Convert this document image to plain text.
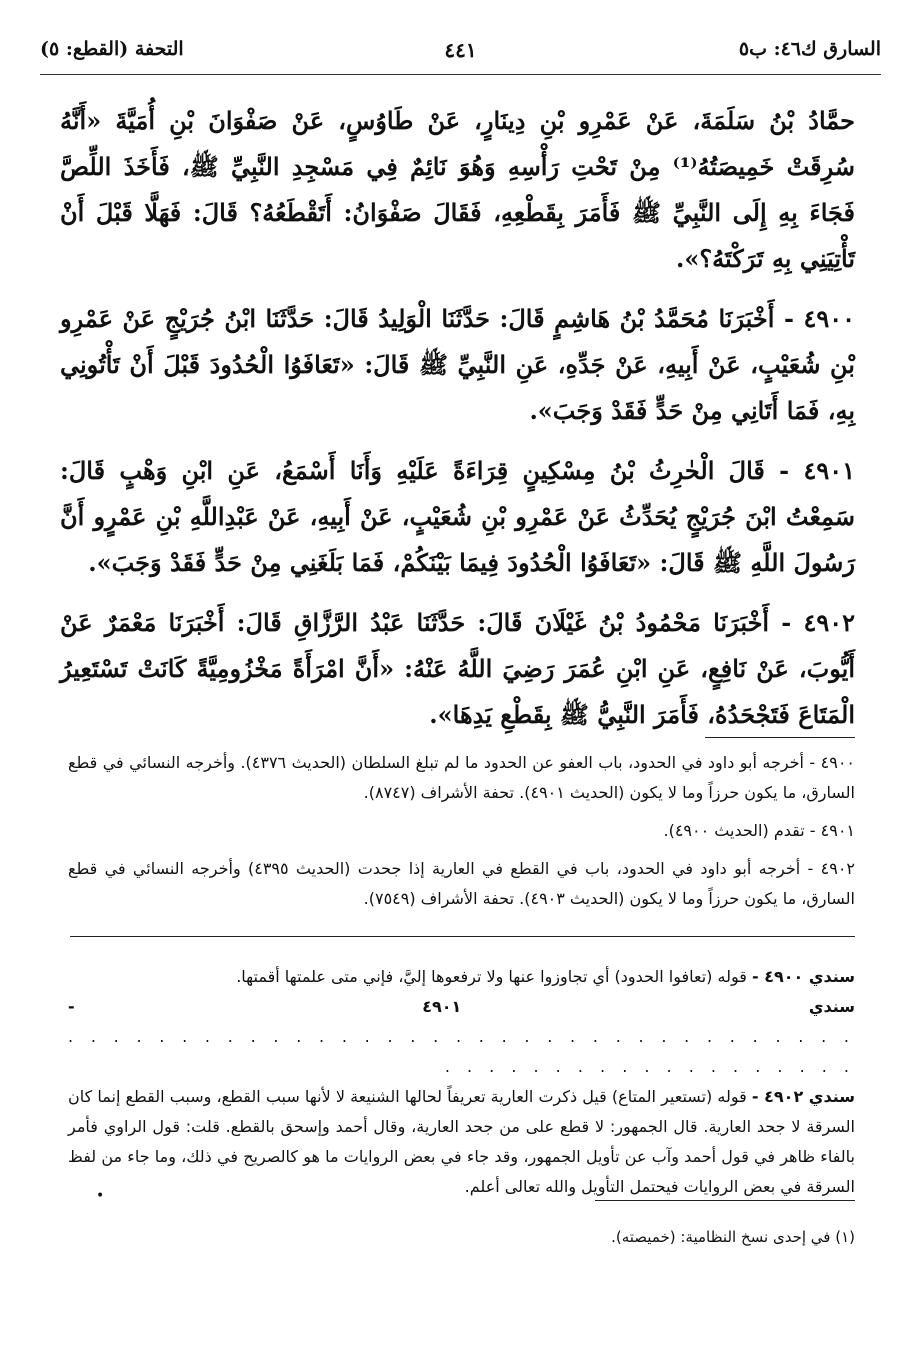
السارق ك٤٦: ب٥
٤٤١
التحفة (القطع: ٥)

حمَّادُ بْنُ سَلَمَةَ، عَنْ عَمْرِو بْنِ دِينَارٍ، عَنْ طَاوُسٍ، عَنْ صَفْوَانَ بْنِ أُمَيَّةَ «أَنَّهُ سُرِقَتْ خَمِيصَتُهُ⁽¹⁾ مِنْ تَحْتِ رَأْسِهِ وَهُوَ نَائِمٌ فِي مَسْجِدِ النَّبِيِّ ﷺ، فَأَخَذَ اللِّصَّ فَجَاءَ بِهِ إِلَى النَّبِيِّ ﷺ فَأَمَرَ بِقَطْعِهِ، فَقَالَ صَفْوَانُ: أَتَقْطَعُهُ؟ قَالَ: فَهَلَّا قَبْلَ أَنْ تَأْتِيَنِي بِهِ تَرَكْتَهُ؟».

٤٩٠٠ - أَخْبَرَنَا مُحَمَّدُ بْنُ هَاشِمٍ قَالَ: حَدَّثَنَا الْوَلِيدُ قَالَ: حَدَّثَنَا ابْنُ جُرَيْجٍ عَنْ عَمْرِو بْنِ شُعَيْبٍ، عَنْ أَبِيهِ، عَنْ جَدِّهِ، عَنِ النَّبِيِّ ﷺ قَالَ: «تَعَافَوُا الْحُدُودَ قَبْلَ أَنْ تَأْتُونِي بِهِ، فَمَا أَتَانِي مِنْ حَدٍّ فَقَدْ وَجَبَ».

٤٩٠١ - قَالَ الْحٰرِثُ بْنُ مِسْكِينٍ قِرَاءَةً عَلَيْهِ وَأَنَا أَسْمَعُ، عَنِ ابْنِ وَهْبٍ قَالَ: سَمِعْتُ ابْنَ جُرَيْجٍ يُحَدِّثُ عَنْ عَمْرِو بْنِ شُعَيْبٍ، عَنْ أَبِيهِ، عَنْ عَبْدِاللَّهِ بْنِ عَمْرٍو أَنَّ رَسُولَ اللَّهِ ﷺ قَالَ: «تَعَافَوُا الْحُدُودَ فِيمَا بَيْنَكُمْ، فَمَا بَلَغَنِي مِنْ حَدٍّ فَقَدْ وَجَبَ».

٤٩٠٢ - أَخْبَرَنَا مَحْمُودُ بْنُ غَيْلَانَ قَالَ: حَدَّثَنَا عَبْدُ الرَّزَّاقِ قَالَ: أَخْبَرَنَا مَعْمَرٌ عَنْ أَيُّوبَ، عَنْ نَافِعٍ، عَنِ ابْنِ عُمَرَ رَضِيَ اللَّهُ عَنْهُ: «أَنَّ امْرَأَةً مَخْزُومِيَّةً كَانَتْ تَسْتَعِيرُ الْمَتَاعَ فَتَجْحَدُهُ، فَأَمَرَ النَّبِيُّ ﷺ بِقَطْعِ يَدِهَا».

٤٩٠٠ - أخرجه أبو داود في الحدود، باب العفو عن الحدود ما لم تبلغ السلطان (الحديث ٤٣٧٦). وأخرجه النسائي في قطع السارق، ما يكون حرزاً وما لا يكون (الحديث ٤٩٠١). تحفة الأشراف (٨٧٤٧).

٤٩٠١ - تقدم (الحديث ٤٩٠٠).

٤٩٠٢ - أخرجه أبو داود في الحدود، باب في القطع في العارية إذا جحدت (الحديث ٤٣٩٥) وأخرجه النسائي في قطع السارق، ما يكون حرزاً وما لا يكون (الحديث ٤٩٠٣). تحفة الأشراف (٧٥٤٩).

سندي ٤٩٠٠ - قوله (تعافوا الحدود) أي تجاوزوا عنها ولا ترفعوها إليَّ، فإني متى علمتها أقمتها.

سندي ٤٩٠١ - . . . . . . . . . . . . . . . . . . . . . . . . . . . . . . . . . . . . . . . . . . . . . . . . . . . . . .

سندي ٤٩٠٢ - قوله (تستعير المتاع) قيل ذكرت العارية تعريفاً لحالها الشنيعة لا لأنها سبب القطع، وسبب القطع إنما كان السرقة لا جحد العارية. قال الجمهور: لا قطع على من جحد العارية، وقال أحمد وإسحق بالقطع. قلت: قول الراوي فأمر بالفاء ظاهر في قول أحمد وآب عن تأويل الجمهور، وقد جاء في بعض الروايات ما هو كالصريح في ذلك، وما جاء من لفظ السرقة في بعض الروايات فيحتمل التأويل والله تعالى أعلم.

•
(١) في إحدى نسخ النظامية: (خميصته).
